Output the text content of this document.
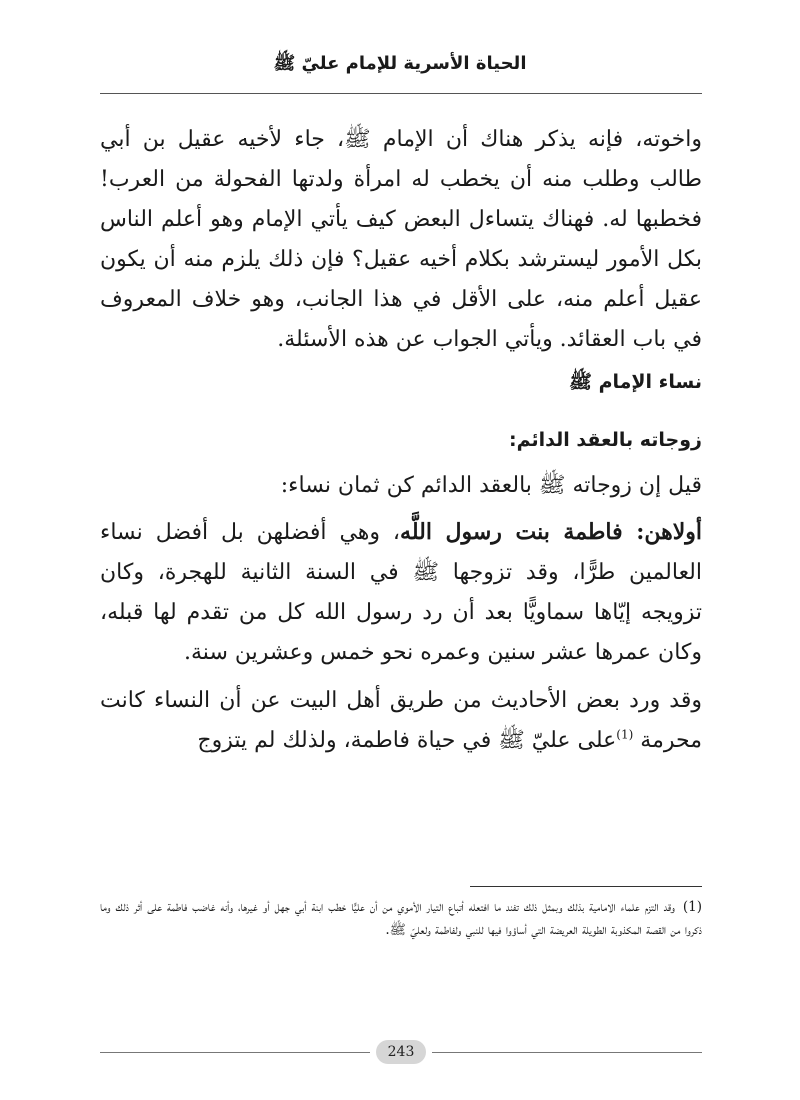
الحياة الأسرية للإمام عليّ ﷺ

واخوته، فإنه يذكر هناك أن الإمام ﷺ، جاء لأخيه عقيل بن أبي طالب وطلب منه أن يخطب له امرأة ولدتها الفحولة من العرب! فخطبها له. فهناك يتساءل البعض كيف يأتي الإمام وهو أعلم الناس بكل الأمور ليسترشد بكلام أخيه عقيل؟ فإن ذلك يلزم منه أن يكون عقيل أعلم منه، على الأقل في هذا الجانب، وهو خلاف المعروف في باب العقائد. ويأتي الجواب عن هذه الأسئلة.

نساء الإمام ﷺ

زوجاته بالعقد الدائم:

قيل إن زوجاته ﷺ بالعقد الدائم كن ثمان نساء:

أولاهن: فاطمة بنت رسول اللَّه، وهي أفضلهن بل أفضل نساء العالمين طرًّا، وقد تزوجها ﷺ في السنة الثانية للهجرة، وكان تزويجه إيّاها سماويًّا بعد أن رد رسول الله كل من تقدم لها قبله، وكان عمرها عشر سنين وعمره نحو خمس وعشرين سنة.

وقد ورد بعض الأحاديث من طريق أهل البيت عن أن النساء كانت محرمة $^{(1)}$على عليّ ﷺ في حياة فاطمة، ولذلك لم يتزوج

(1)وقد التزم علماء الامامية بذلك وبمثل ذلك تفند ما افتعله أتباع التيار الأموي من أن عليًّا خطب ابنة أبي جهل أو غيرها، وأنه غاضب فاطمة على أثر ذلك وما ذكروا من القصة المكذوبة الطويلة العريضة التي أساؤوا فيها للنبي ولفاطمة ولعليّ ﷺ.

243
